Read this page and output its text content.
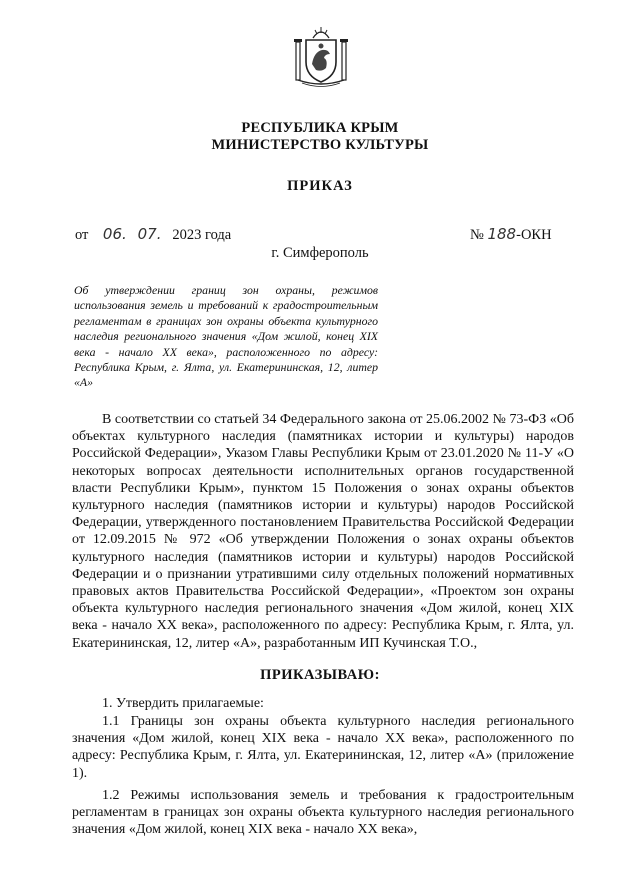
РЕСПУБЛИКА КРЫМ
МИНИСТЕРСТВО КУЛЬТУРЫ
ПРИКАЗ
от 06. 07. 2023 года	№ 188-ОКН
г. Симферополь
Об утверждении границ зон охраны, режимов использования земель и требований к градостроительным регламентам в границах зон охраны объекта культурного наследия регионального значения «Дом жилой, конец XIX века - начало XX века», расположенного по адресу: Республика Крым, г. Ялта, ул. Екатерининская, 12, литер «А»
В соответствии со статьей 34 Федерального закона от 25.06.2002 № 73-ФЗ «Об объектах культурного наследия (памятниках истории и культуры) народов Российской Федерации», Указом Главы Республики Крым от 23.01.2020 № 11-У «О некоторых вопросах деятельности исполнительных органов государственной власти Республики Крым», пунктом 15 Положения о зонах охраны объектов культурного наследия (памятников истории и культуры) народов Российской Федерации, утвержденного постановлением Правительства Российской Федерации от 12.09.2015 № 972 «Об утверждении Положения о зонах охраны объектов культурного наследия (памятников истории и культуры) народов Российской Федерации и о признании утратившими силу отдельных положений нормативных правовых актов Правительства Российской Федерации», «Проектом зон охраны объекта культурного наследия регионального значения «Дом жилой, конец XIX века - начало XX века», расположенного по адресу: Республика Крым, г. Ялта, ул. Екатерининская, 12, литер «А», разработанным ИП Кучинская Т.О.,
ПРИКАЗЫВАЮ:
1. Утвердить прилагаемые:
1.1 Границы зон охраны объекта культурного наследия регионального значения «Дом жилой, конец XIX века - начало XX века», расположенного по адресу: Республика Крым, г. Ялта, ул. Екатерининская, 12, литер «А» (приложение 1).
1.2 Режимы использования земель и требования к градостроительным регламентам в границах зон охраны объекта культурного наследия регионального значения «Дом жилой, конец XIX века - начало XX века»,
